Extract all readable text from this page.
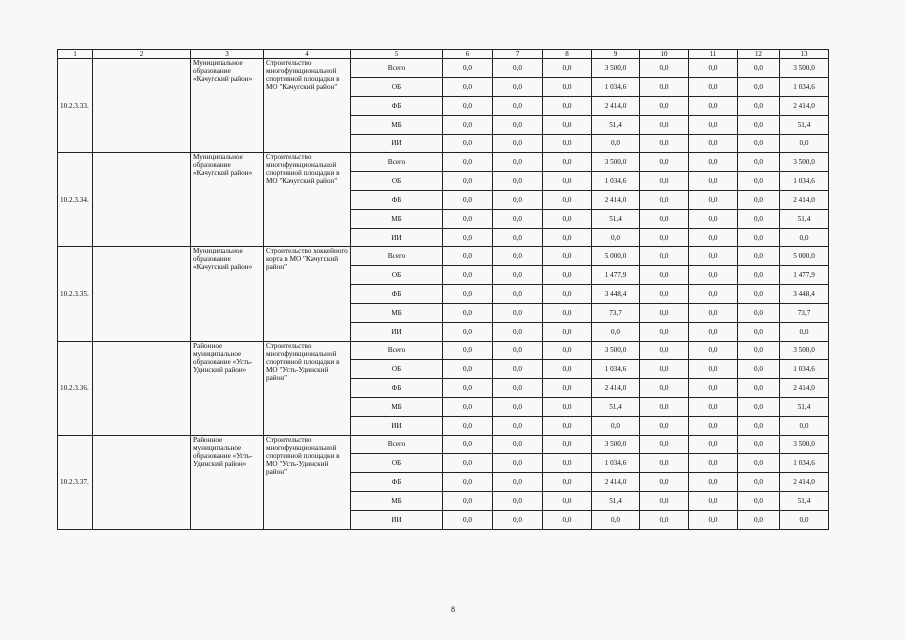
1	2	3	4	5	6	7	8	9	10	11	12	13
10.2.3.33.		Муниципальное образование «Качугский район»	Строительство многофункциональной спортивной площадки в МО "Качугский район"	Всего	0,0	0,0	0,0	3 500,0	0,0	0,0	0,0	3 500,0
				ОБ	0,0	0,0	0,0	1 034,6	0,0	0,0	0,0	1 034,6
				ФБ	0,0	0,0	0,0	2 414,0	0,0	0,0	0,0	2 414,0
				МБ	0,0	0,0	0,0	51,4	0,0	0,0	0,0	51,4
				ИИ	0,0	0,0	0,0	0,0	0,0	0,0	0,0	0,0
10.2.3.34.		Муниципальное образование «Качугский район»	Строительство многофункциональной спортивной площадки в МО "Качугский район"	Всего	0,0	0,0	0,0	3 500,0	0,0	0,0	0,0	3 500,0
				ОБ	0,0	0,0	0,0	1 034,6	0,0	0,0	0,0	1 034,6
				ФБ	0,0	0,0	0,0	2 414,0	0,0	0,0	0,0	2 414,0
				МБ	0,0	0,0	0,0	51,4	0,0	0,0	0,0	51,4
				ИИ	0,0	0,0	0,0	0,0	0,0	0,0	0,0	0,0
10.2.3.35.		Муниципальное образование «Качугский район»	Строительство хоккейного корта в МО "Качугский район"	Всего	0,0	0,0	0,0	5 000,0	0,0	0,0	0,0	5 000,0
				ОБ	0,0	0,0	0,0	1 477,9	0,0	0,0	0,0	1 477,9
				ФБ	0,0	0,0	0,0	3 448,4	0,0	0,0	0,0	3 448,4
				МБ	0,0	0,0	0,0	73,7	0,0	0,0	0,0	73,7
				ИИ	0,0	0,0	0,0	0,0	0,0	0,0	0,0	0,0
10.2.3.36.		Районное муниципальное образование «Усть-Удинский район»	Строительство многофункциональной спортивной площадки в МО "Усть-Удинский район"	Всего	0,0	0,0	0,0	3 500,0	0,0	0,0	0,0	3 500,0
				ОБ	0,0	0,0	0,0	1 034,6	0,0	0,0	0,0	1 034,6
				ФБ	0,0	0,0	0,0	2 414,0	0,0	0,0	0,0	2 414,0
				МБ	0,0	0,0	0,0	51,4	0,0	0,0	0,0	51,4
				ИИ	0,0	0,0	0,0	0,0	0,0	0,0	0,0	0,0
10.2.3.37.		Районное муниципальное образование «Усть-Удинский район»	Строительство многофункциональной спортивной площадки в МО "Усть-Удинский район"	Всего	0,0	0,0	0,0	3 500,0	0,0	0,0	0,0	3 500,0
				ОБ	0,0	0,0	0,0	1 034,6	0,0	0,0	0,0	1 034,6
				ФБ	0,0	0,0	0,0	2 414,0	0,0	0,0	0,0	2 414,0
				МБ	0,0	0,0	0,0	51,4	0,0	0,0	0,0	51,4
				ИИ	0,0	0,0	0,0	0,0	0,0	0,0	0,0	0,0
8
